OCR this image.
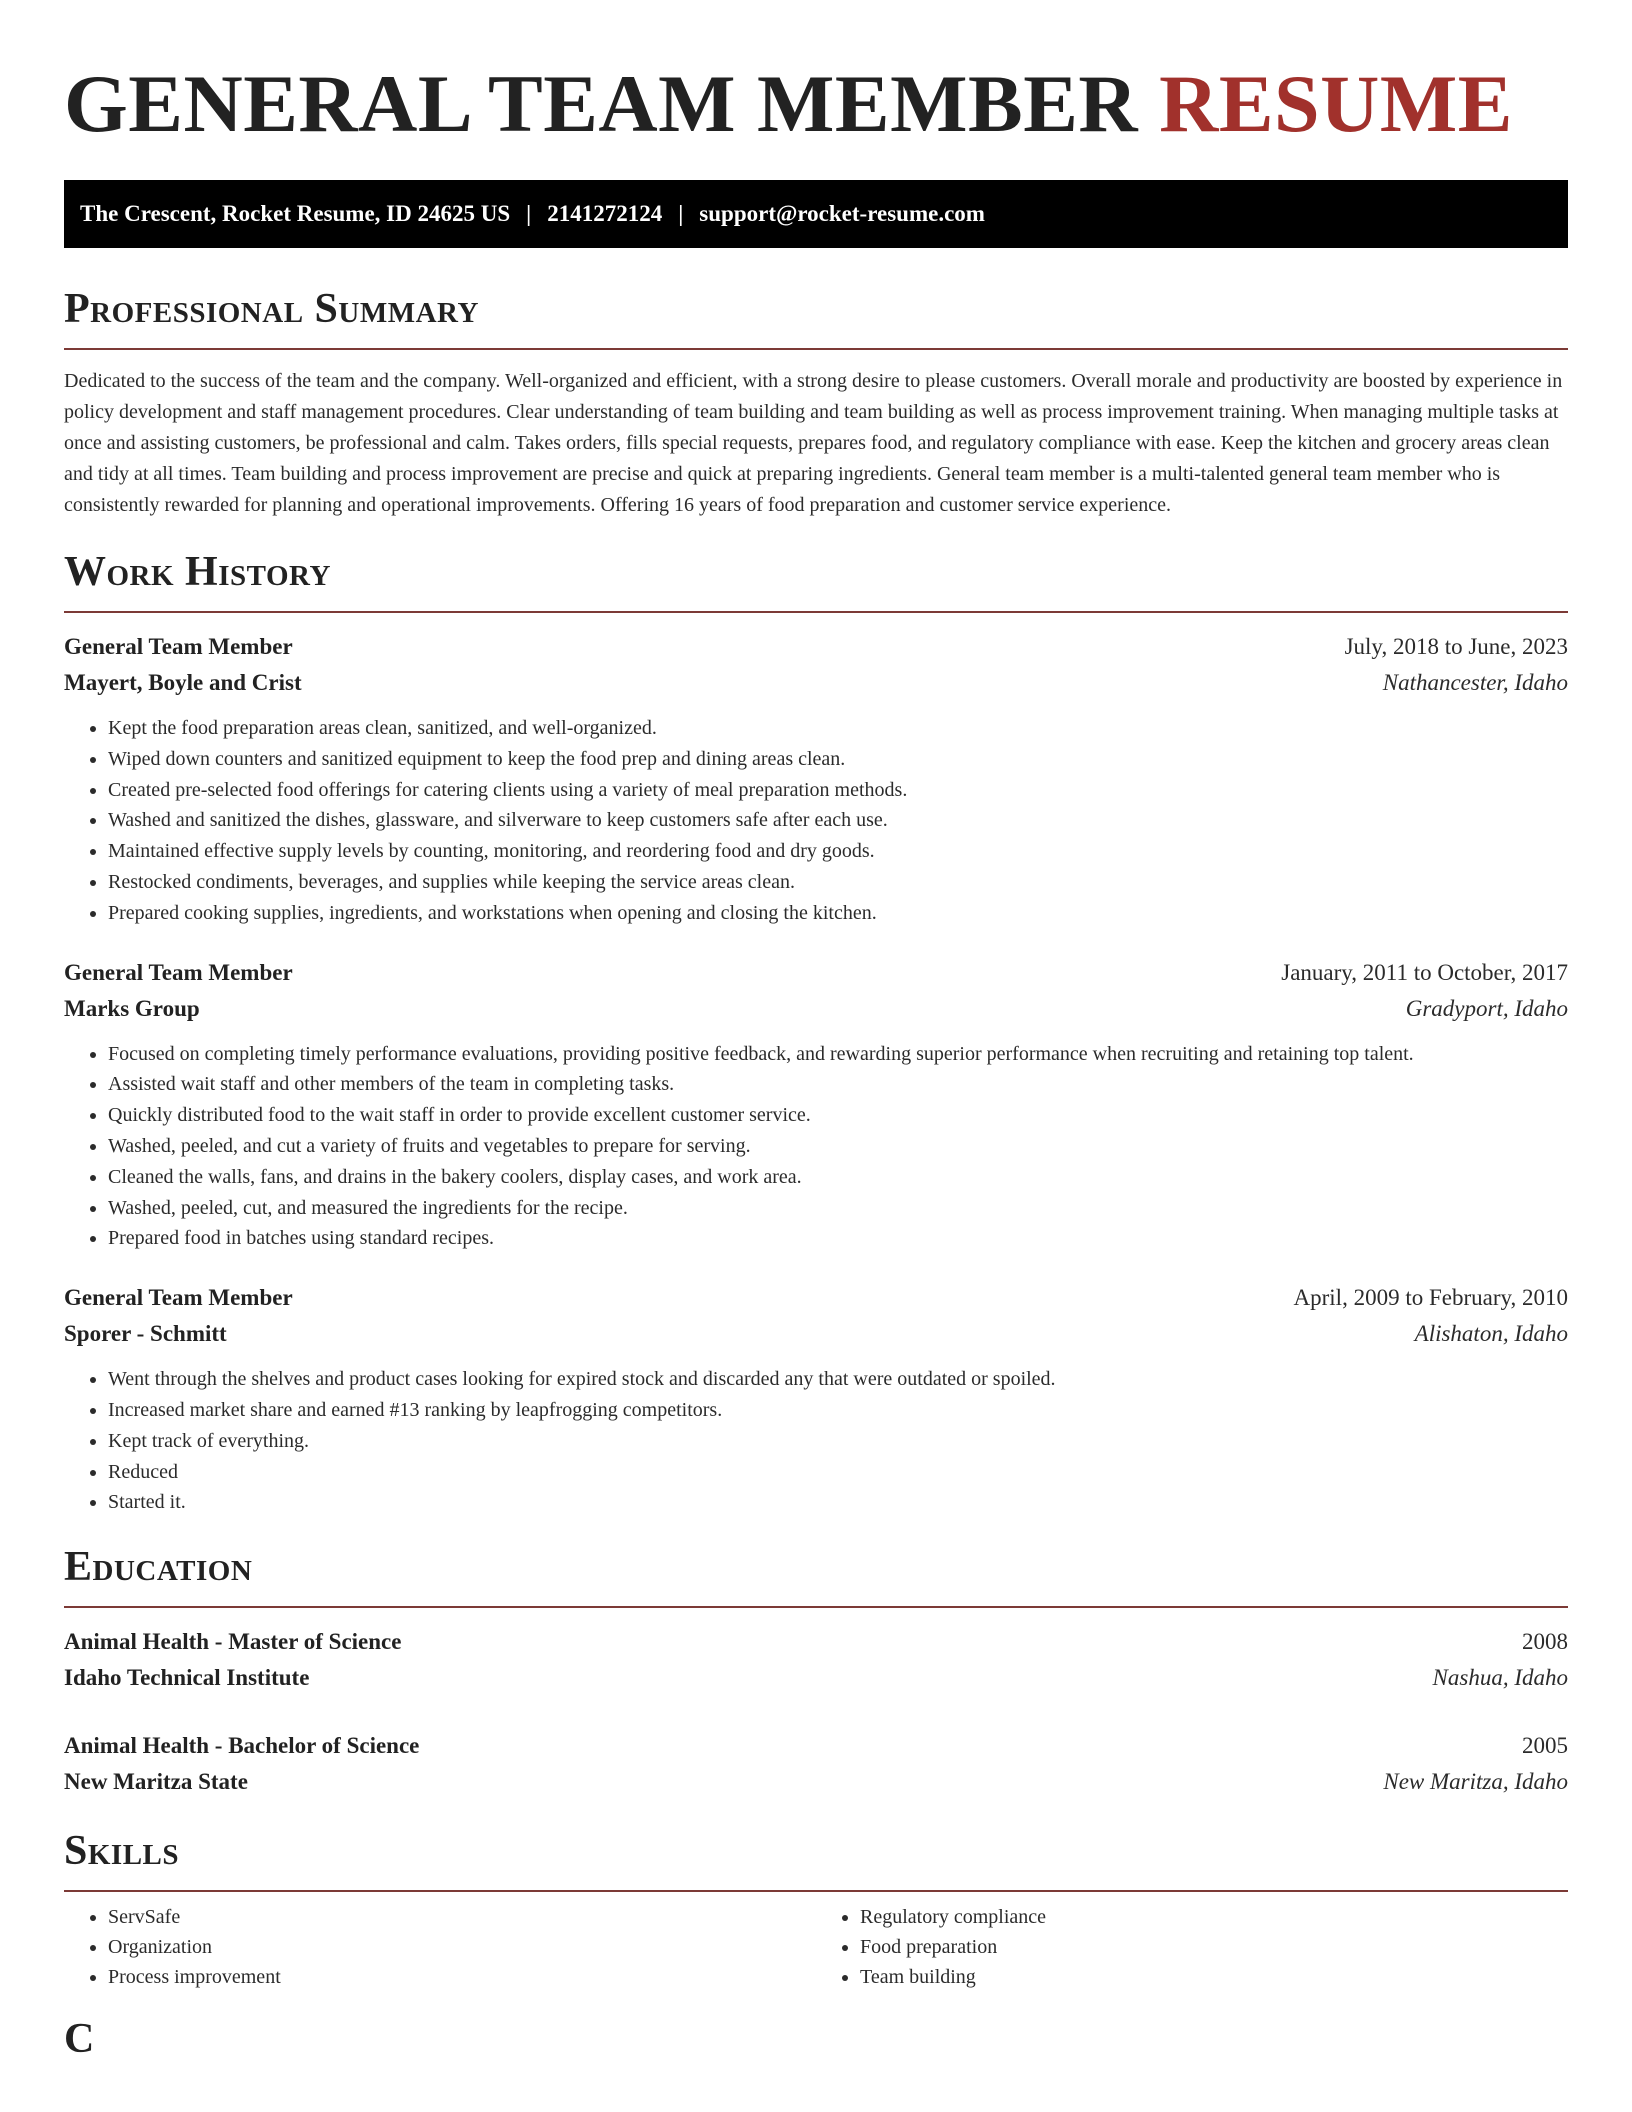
GENERAL TEAM MEMBER RESUME
The Crescent, Rocket Resume, ID 24625 US | 2141272124 | support@rocket-resume.com
Professional Summary

Dedicated to the success of the team and the company. Well-organized and efficient, with a strong desire to please customers. Overall morale and productivity are boosted by experience in policy development and staff management procedures. Clear understanding of team building and team building as well as process improvement training. When managing multiple tasks at once and assisting customers, be professional and calm. Takes orders, fills special requests, prepares food, and regulatory compliance with ease. Keep the kitchen and grocery areas clean and tidy at all times. Team building and process improvement are precise and quick at preparing ingredients. General team member is a multi-talented general team member who is consistently rewarded for planning and operational improvements. Offering 16 years of food preparation and customer service experience.

Work History
General Team Member	July, 2018 to June, 2023
Mayert, Boyle and Crist	Nathancester, Idaho
• Kept the food preparation areas clean, sanitized, and well-organized.
• Wiped down counters and sanitized equipment to keep the food prep and dining areas clean.
• Created pre-selected food offerings for catering clients using a variety of meal preparation methods.
• Washed and sanitized the dishes, glassware, and silverware to keep customers safe after each use.
• Maintained effective supply levels by counting, monitoring, and reordering food and dry goods.
• Restocked condiments, beverages, and supplies while keeping the service areas clean.
• Prepared cooking supplies, ingredients, and workstations when opening and closing the kitchen.
General Team Member	January, 2011 to October, 2017
Marks Group	Gradyport, Idaho
• Focused on completing timely performance evaluations, providing positive feedback, and rewarding superior performance when recruiting and retaining top talent.
• Assisted wait staff and other members of the team in completing tasks.
• Quickly distributed food to the wait staff in order to provide excellent customer service.
• Washed, peeled, and cut a variety of fruits and vegetables to prepare for serving.
• Cleaned the walls, fans, and drains in the bakery coolers, display cases, and work area.
• Washed, peeled, cut, and measured the ingredients for the recipe.
• Prepared food in batches using standard recipes.
General Team Member	April, 2009 to February, 2010
Sporer - Schmitt	Alishaton, Idaho
• Went through the shelves and product cases looking for expired stock and discarded any that were outdated or spoiled.
• Increased market share and earned #13 ranking by leapfrogging competitors.
• Kept track of everything.
• Reduced
• Started it.
Education
Animal Health - Master of Science	2008
Idaho Technical Institute	Nashua, Idaho
Animal Health - Bachelor of Science	2005
New Maritza State	New Maritza, Idaho
Skills
• ServSafe
• Organization
• Process improvement
• Regulatory compliance
• Food preparation
• Team building
C
